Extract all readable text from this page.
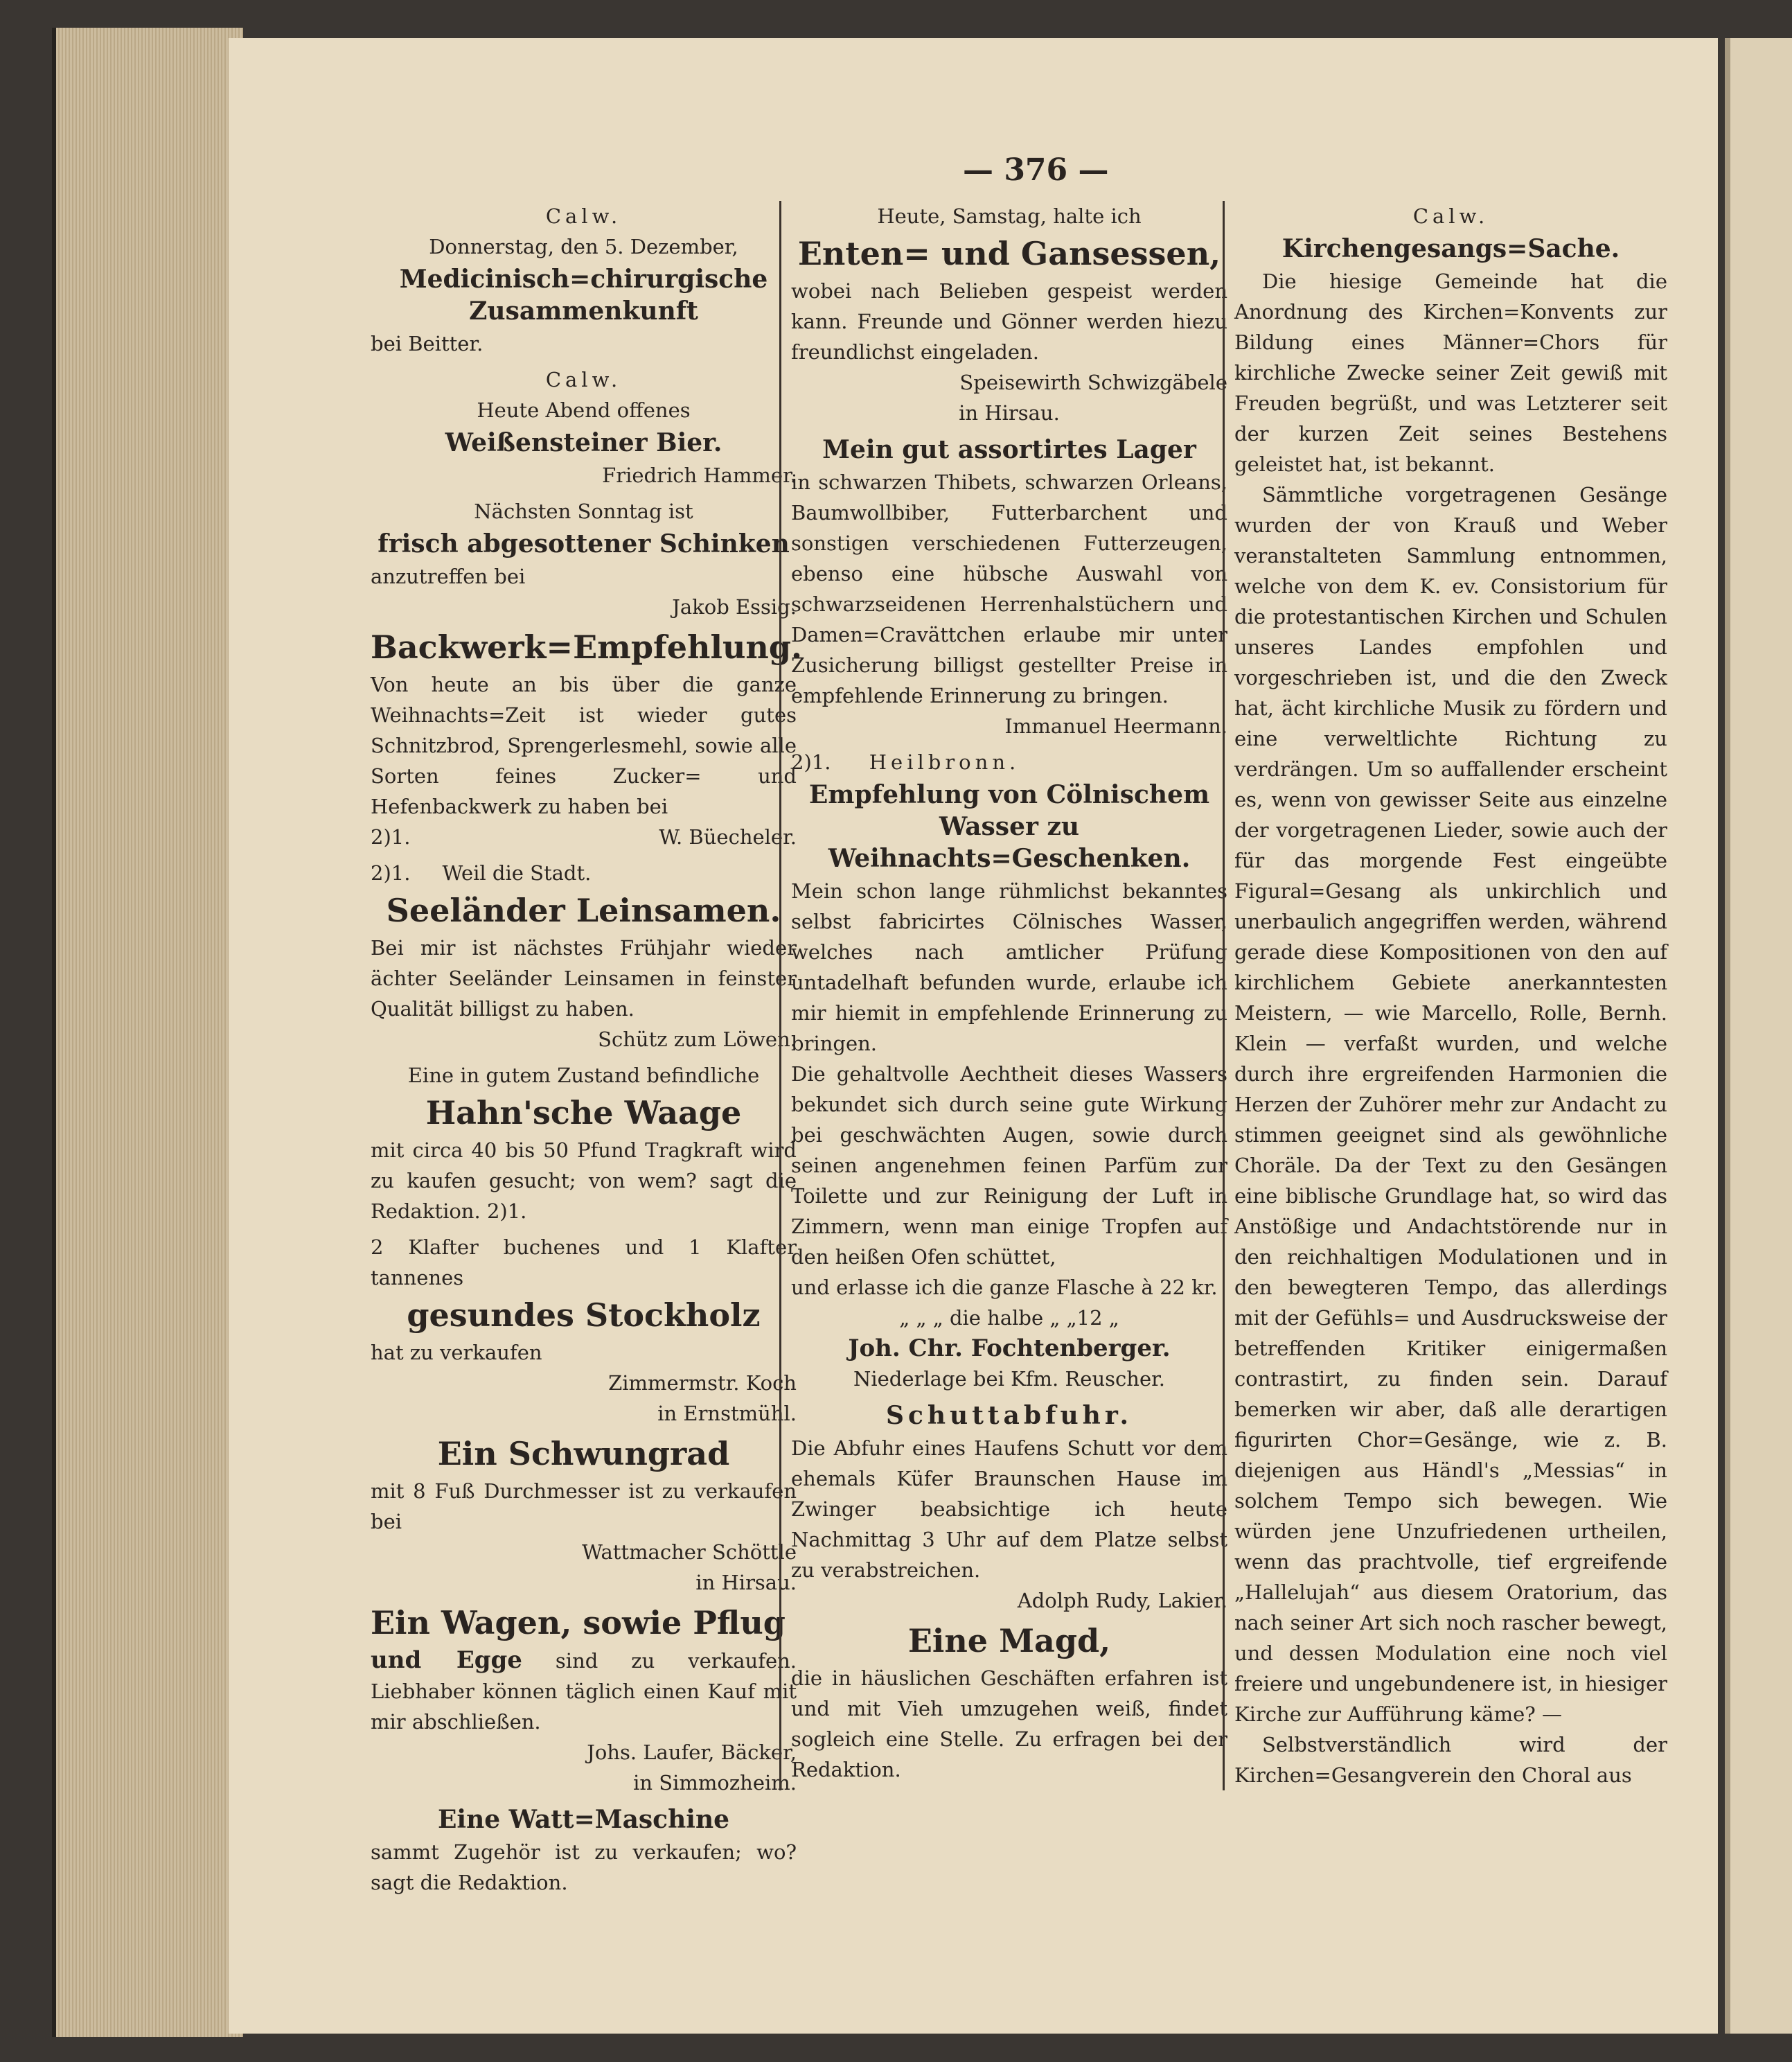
— 376 —

Calw.

Donnerstag, den 5. Dezember,

Medicinisch=chirurgische Zusammenkunft

bei Beitter.

Calw.

Heute Abend offenes

Weißensteiner Bier.

Friedrich Hammer.

Nächsten Sonntag ist

frisch abgesottener Schinken

anzutreffen bei

Jakob Essig.

Backwerk=Empfehlung.

Von heute an bis über die ganze Weihnachts=Zeit ist wieder gutes Schnitzbrod, Sprengerlesmehl, sowie alle Sorten feines Zucker= und Hefenbackwerk zu haben bei

2)1.	W. Büecheler.

2)1. Weil die Stadt.

Seeländer Leinsamen.

Bei mir ist nächstes Frühjahr wieder ächter Seeländer Leinsamen in feinster Qualität billigst zu haben.

Schütz zum Löwen.

Eine in gutem Zustand befindliche

Hahn'sche Waage

mit circa 40 bis 50 Pfund Tragkraft wird zu kaufen gesucht; von wem? sagt die Redaktion. 2)1.

2 Klafter buchenes und 1 Klafter tannenes

gesundes Stockholz

hat zu verkaufen

Zimmermstr. Koch

in Ernstmühl.

Ein Schwungrad

mit 8 Fuß Durchmesser ist zu verkaufen bei

Wattmacher Schöttle

in Hirsau.

Ein Wagen, sowie Pflug

und Egge sind zu verkaufen. Liebhaber können täglich einen Kauf mit mir abschließen.

Johs. Laufer, Bäcker,

in Simmozheim.

Eine Watt=Maschine

sammt Zugehör ist zu verkaufen; wo? sagt die Redaktion.

Heute, Samstag, halte ich

Enten= und Gansessen,

wobei nach Belieben gespeist werden kann. Freunde und Gönner werden hiezu freundlichst eingeladen.

Speisewirth Schwizgäbele

in Hirsau.

Mein gut assortirtes Lager

in schwarzen Thibets, schwarzen Orleans, Baumwollbiber, Futterbarchent und sonstigen verschiedenen Futterzeugen, ebenso eine hübsche Auswahl von schwarzseidenen Herrenhalstüchern und Damen=Cravättchen erlaube mir unter Zusicherung billigst gestellter Preise in empfehlende Erinnerung zu bringen.

Immanuel Heermann.

2)1. Heilbronn.

Empfehlung von Cölnischem Wasser zu Weihnachts=Geschenken.

Mein schon lange rühmlichst bekanntes selbst fabricirtes Cölnisches Wasser, welches nach amtlicher Prüfung untadelhaft befunden wurde, erlaube ich mir hiemit in empfehlende Erinnerung zu bringen.

Die gehaltvolle Aechtheit dieses Wassers bekundet sich durch seine gute Wirkung bei geschwächten Augen, sowie durch seinen angenehmen feinen Parfüm zur Toilette und zur Reinigung der Luft in Zimmern, wenn man einige Tropfen auf den heißen Ofen schüttet,

und erlasse ich die ganze Flasche à 22 kr.

„ „ „ die halbe „ „12 „

Joh. Chr. Fochtenberger.

Niederlage bei Kfm. Reuscher.

Schuttabfuhr.

Die Abfuhr eines Haufens Schutt vor dem ehemals Küfer Braunschen Hause im Zwinger beabsichtige ich heute Nachmittag 3 Uhr auf dem Platze selbst zu verabstreichen.

Adolph Rudy, Lakier.

Eine Magd,

die in häuslichen Geschäften erfahren ist und mit Vieh umzugehen weiß, findet sogleich eine Stelle. Zu erfragen bei der Redaktion.

Calw.

Kirchengesangs=Sache.

Die hiesige Gemeinde hat die Anordnung des Kirchen=Konvents zur Bildung eines Männer=Chors für kirchliche Zwecke seiner Zeit gewiß mit Freuden begrüßt, und was Letzterer seit der kurzen Zeit seines Bestehens geleistet hat, ist bekannt.

Sämmtliche vorgetragenen Gesänge wurden der von Krauß und Weber veranstalteten Sammlung entnommen, welche von dem K. ev. Consistorium für die protestantischen Kirchen und Schulen unseres Landes empfohlen und vorgeschrieben ist, und die den Zweck hat, ächt kirchliche Musik zu fördern und eine verweltlichte Richtung zu verdrängen. Um so auffallender erscheint es, wenn von gewisser Seite aus einzelne der vorgetragenen Lieder, sowie auch der für das morgende Fest eingeübte Figural=Gesang als unkirchlich und unerbaulich angegriffen werden, während gerade diese Kompositionen von den auf kirchlichem Gebiete anerkanntesten Meistern, — wie Marcello, Rolle, Bernh. Klein — verfaßt wurden, und welche durch ihre ergreifenden Harmonien die Herzen der Zuhörer mehr zur Andacht zu stimmen geeignet sind als gewöhnliche Choräle. Da der Text zu den Gesängen eine biblische Grundlage hat, so wird das Anstößige und Andachtstörende nur in den reichhaltigen Modulationen und in den bewegteren Tempo, das allerdings mit der Gefühls= und Ausdrucksweise der betreffenden Kritiker einigermaßen contrastirt, zu finden sein. Darauf bemerken wir aber, daß alle derartigen figurirten Chor=Gesänge, wie z. B. diejenigen aus Händl's „Messias“ in solchem Tempo sich bewegen. Wie würden jene Unzufriedenen urtheilen, wenn das prachtvolle, tief ergreifende „Hallelujah“ aus diesem Oratorium, das nach seiner Art sich noch rascher bewegt, und dessen Modulation eine noch viel freiere und ungebundenere ist, in hiesiger Kirche zur Aufführung käme? —

Selbstverständlich wird der Kirchen=Gesangverein den Choral aus
